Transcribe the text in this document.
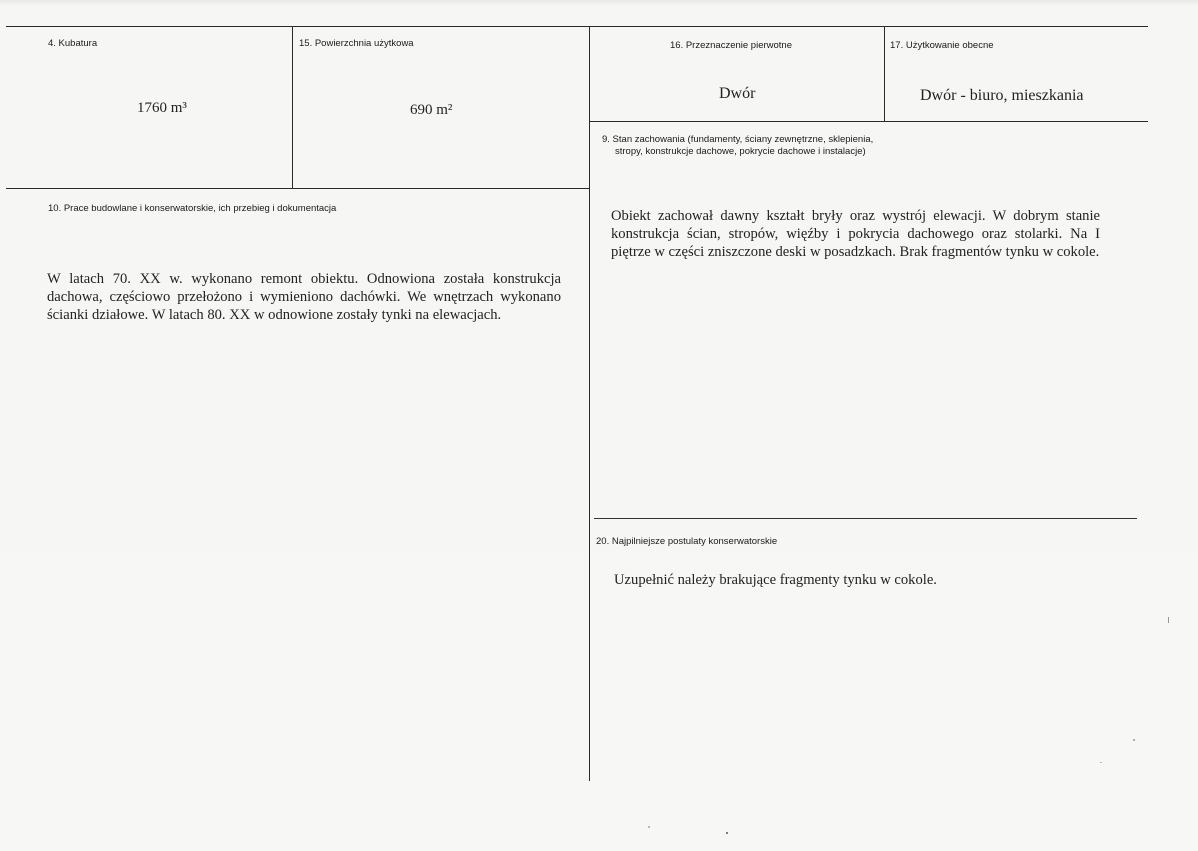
4. Kubatura
1760 m³
15. Powierzchnia użytkowa
690 m²
16. Przeznaczenie pierwotne
Dwór
17. Użytkowanie obecne
Dwór - biuro, mieszkania
9. Stan zachowania (fundamenty, ściany zewnętrzne, sklepienia,
stropy, konstrukcje dachowe, pokrycie dachowe i instalacje)
Obiekt zachował dawny kształt bryły oraz wystrój elewacji. W dobrym stanie konstrukcja ścian, stropów, więźby i pokrycia dachowego oraz stolarki. Na I piętrze w części zniszczone deski w posadzkach. Brak fragmentów tynku w cokole.
10. Prace budowlane i konserwatorskie, ich przebieg i dokumentacja
W latach 70. XX w. wykonano remont obiektu. Odnowiona została konstrukcja dachowa, częściowo przełożono i wymieniono dachówki. We wnętrzach wykonano ścianki działowe. W latach 80. XX w odnowione zostały tynki na elewacjach.
20. Najpilniejsze postulaty konserwatorskie
Uzupełnić należy brakujące fragmenty tynku w cokole.
